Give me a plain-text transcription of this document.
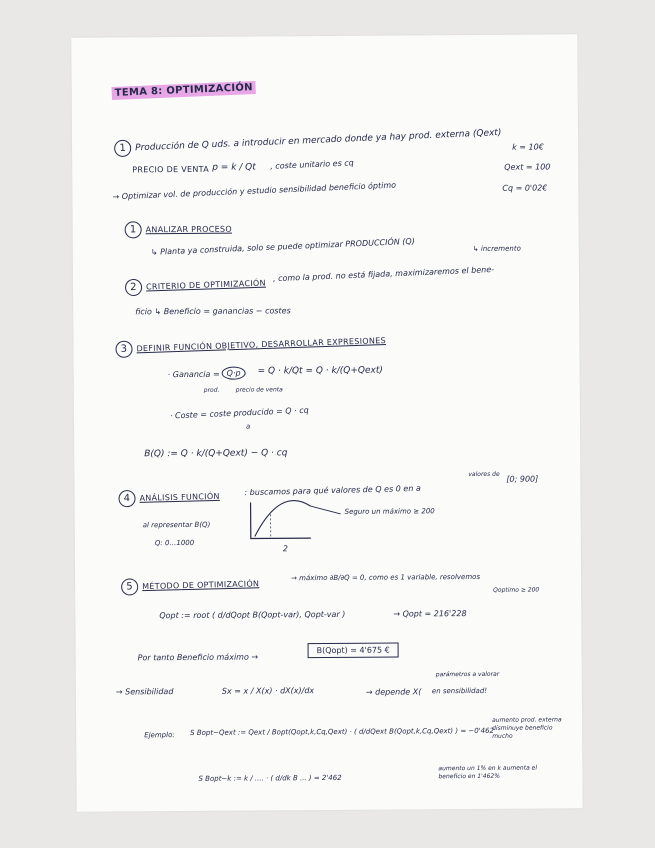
TEMA 8: OPTIMIZACIÓN
1 Producción de Q uds. a introducir en mercado donde ya hay prod. externa (Qext) k = 10€
PRECIO DE VENTA p = k / Qt , coste unitario es cq	Qext = 100
→ Optimizar vol. de producción y estudio sensibilidad beneficio óptimo	Cq = 0'02€
1 ANALIZAR PROCESO
↳ Planta ya construida, solo se puede optimizar PRODUCCIÓN (Q)	↳ incremento
2 CRITERIO DE OPTIMIZACIÓN
, como la prod. no está fijada, maximizaremos el bene-
ficio ↳ Beneficio = ganancias − costes
3 DEFINIR FUNCIÓN OBJETIVO, DESARROLLAR EXPRESIONES
· Ganancia = Q·p	= Q · k/Qt = Q · k/(Q+Qext)
prod.	precio de venta
· Coste = coste producido = Q · cq
a
B(Q) := Q · k/(Q+Qext) − Q · cq
4 ANÁLISIS FUNCIÓN
: buscamos para qué valores de Q es 0 en a
valores de
[0; 900]
al representar B(Q)
Q: 0…1000
Seguro un máximo ≥ 200
2
5 MÉTODO DE OPTIMIZACIÓN
→ máximo ∂B/∂Q = 0, como es 1 variable, resolvemos
Qoptimo ≥ 200
Qopt := root ( d/dQopt B(Qopt-var), Qopt-var )	→ Qopt = 216'228
Por tanto Beneficio máximo →
B(Qopt) = 4'675 €
→ Sensibilidad	Sx = x / X(x) · dX(x)/dx	→ depende X(
parámetros a valorar
en sensibilidad!
Ejemplo: S Bopt−Qext := Qext / Bopt(Qopt,k,Cq,Qext) · ( d/dQext B(Qopt,k,Cq,Qext) ) = −0'462
aumento prod. externa disminuye beneficio mucho
S Bopt−k := k / .... · ( d/dk B ... ) = 2'462
aumento un 1% en k aumenta el beneficio en 1'462%
